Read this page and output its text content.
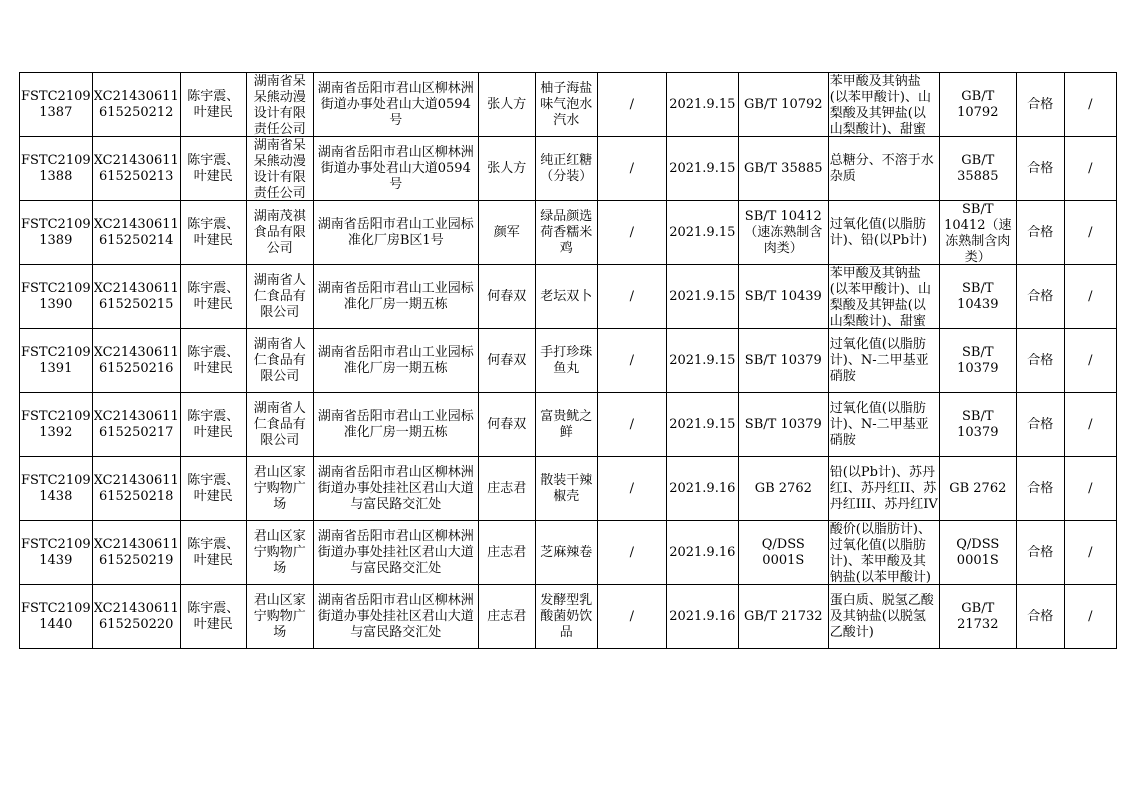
FSTC2109
1387	XC21430611
615250212	陈宇震、
叶建民	湖南省呆呆熊动漫设计有限责任公司	湖南省岳阳市君山区柳林洲街道办事处君山大道0594号	张人方	柚子海盐味气泡水汽水	/	2021.9.15	GB/T 10792	苯甲酸及其钠盐(以苯甲酸计)、山梨酸及其钾盐(以山梨酸计)、甜蜜	GB/T
10792	合格	/

FSTC2109
1388	XC21430611
615250213	陈宇震、
叶建民	湖南省呆呆熊动漫设计有限责任公司	湖南省岳阳市君山区柳林洲街道办事处君山大道0594号	张人方	纯正红糖（分装）	/	2021.9.15	GB/T 35885	总糖分、不溶于水杂质	GB/T
35885	合格	/

FSTC2109
1389	XC21430611
615250214	陈宇震、
叶建民	湖南茂祺食品有限公司	湖南省岳阳市君山工业园标准化厂房B区1号	颜军	绿品颜选荷香糯米鸡	/	2021.9.15	SB/T 10412（速冻熟制含肉类）	过氧化值(以脂肪计)、铅(以Pb计)	SB/T
10412（速冻熟制含肉类）	合格	/

FSTC2109
1390	XC21430611
615250215	陈宇震、
叶建民	湖南省人仁食品有限公司	湖南省岳阳市君山工业园标准化厂房一期五栋	何春双	老坛双卜	/	2021.9.15	SB/T 10439	苯甲酸及其钠盐(以苯甲酸计)、山梨酸及其钾盐(以山梨酸计)、甜蜜	SB/T
10439	合格	/

FSTC2109
1391	XC21430611
615250216	陈宇震、
叶建民	湖南省人仁食品有限公司	湖南省岳阳市君山工业园标准化厂房一期五栋	何春双	手打珍珠鱼丸	/	2021.9.15	SB/T 10379	过氧化值(以脂肪计)、N-二甲基亚硝胺	SB/T
10379	合格	/

FSTC2109
1392	XC21430611
615250217	陈宇震、
叶建民	湖南省人仁食品有限公司	湖南省岳阳市君山工业园标准化厂房一期五栋	何春双	富贵鱿之鲜	/	2021.9.15	SB/T 10379	过氧化值(以脂肪计)、N-二甲基亚硝胺	SB/T
10379	合格	/

FSTC2109
1438	XC21430611
615250218	陈宇震、
叶建民	君山区家宁购物广场	湖南省岳阳市君山区柳林洲街道办事处挂社区君山大道与富民路交汇处	庄志君	散装干辣椒壳	/	2021.9.16	GB 2762	铅(以Pb计)、苏丹红I、苏丹红II、苏丹红III、苏丹红IV	GB 2762	合格	/

FSTC2109
1439	XC21430611
615250219	陈宇震、
叶建民	君山区家宁购物广场	湖南省岳阳市君山区柳林洲街道办事处挂社区君山大道与富民路交汇处	庄志君	芝麻辣卷	/	2021.9.16	Q/DSS 0001S	酸价(以脂肪计)、过氧化值(以脂肪计)、苯甲酸及其钠盐(以苯甲酸计)	Q/DSS
0001S	合格	/

FSTC2109
1440	XC21430611
615250220	陈宇震、
叶建民	君山区家宁购物广场	湖南省岳阳市君山区柳林洲街道办事处挂社区君山大道与富民路交汇处	庄志君	发酵型乳酸菌奶饮品	/	2021.9.16	GB/T 21732	蛋白质、脱氢乙酸及其钠盐(以脱氢乙酸计)	GB/T
21732	合格	/
